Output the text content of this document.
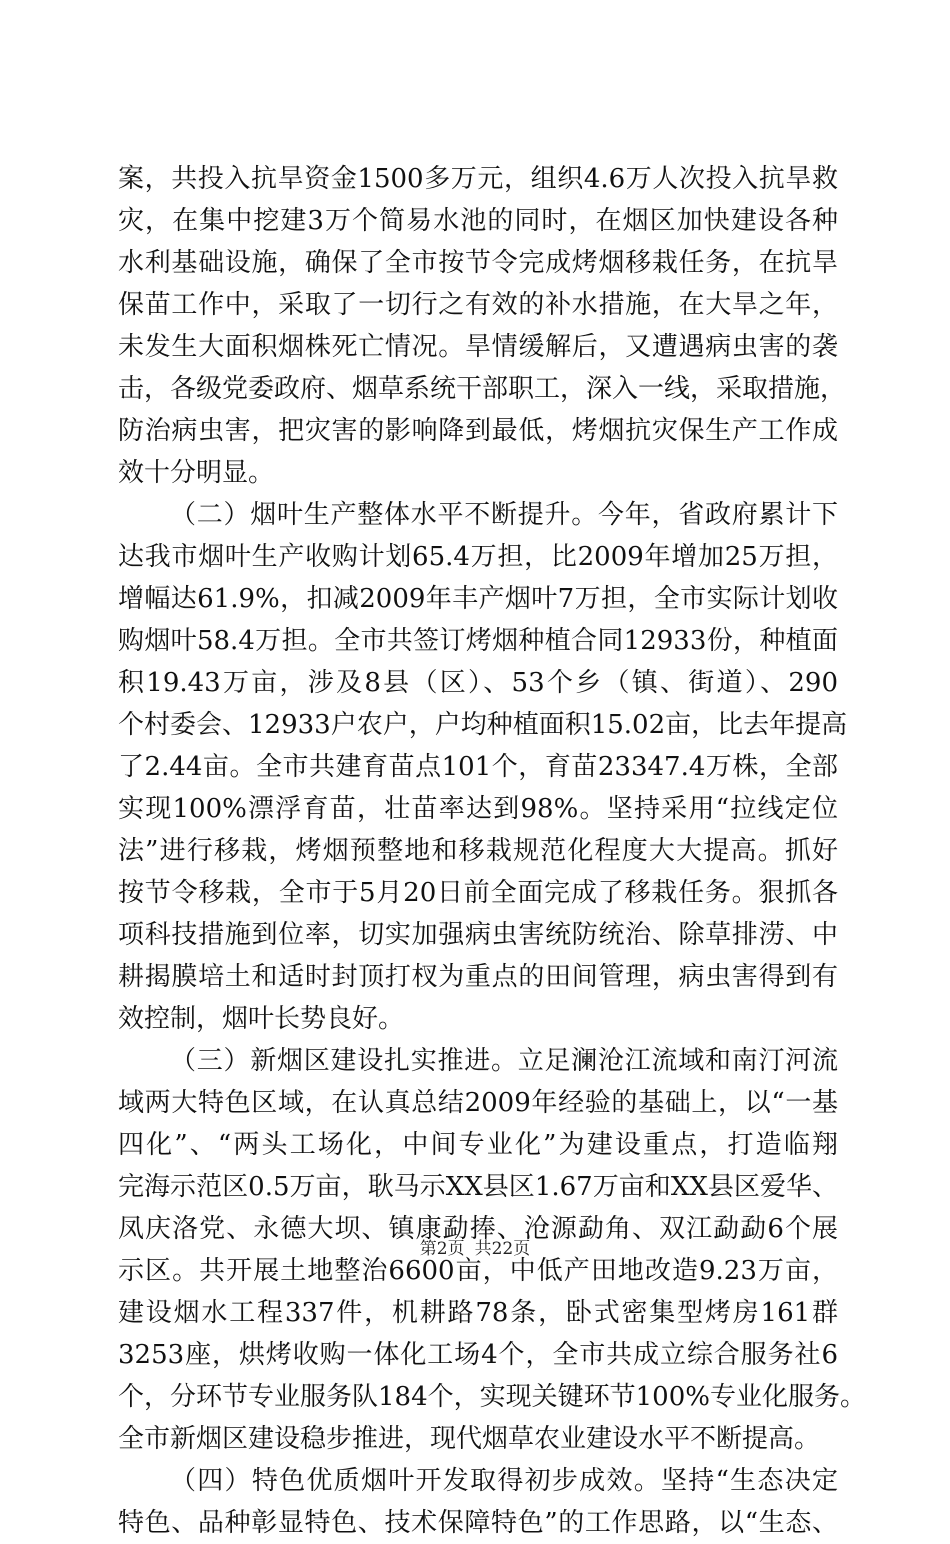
案，共投入抗旱资金1500多万元，组织4.6万人次投入抗旱救
灾，在集中挖建3万个简易水池的同时，在烟区加快建设各种
水利基础设施，确保了全市按节令完成烤烟移栽任务，在抗旱
保苗工作中，采取了一切行之有效的补水措施，在大旱之年，
未发生大面积烟株死亡情况。旱情缓解后，又遭遇病虫害的袭
击，各级党委政府、烟草系统干部职工，深入一线，采取措施，
防治病虫害，把灾害的影响降到最低，烤烟抗灾保生产工作成
效十分明显。
（二）烟叶生产整体水平不断提升。今年，省政府累计下
达我市烟叶生产收购计划65.4万担，比2009年增加25万担，
增幅达61.9%，扣减2009年丰产烟叶7万担，全市实际计划收
购烟叶58.4万担。全市共签订烤烟种植合同12933份，种植面
积19.43万亩，涉及8县（区）、53个乡（镇、街道）、290
个村委会、12933户农户，户均种植面积15.02亩，比去年提高
了2.44亩。全市共建育苗点101个，育苗23347.4万株，全部
实现100%漂浮育苗，壮苗率达到98%。坚持采用“拉线定位
法”进行移栽，烤烟预整地和移栽规范化程度大大提高。抓好
按节令移栽，全市于5月20日前全面完成了移栽任务。狠抓各
项科技措施到位率，切实加强病虫害统防统治、除草排涝、中
耕揭膜培土和适时封顶打杈为重点的田间管理，病虫害得到有
效控制，烟叶长势良好。
（三）新烟区建设扎实推进。立足澜沧江流域和南汀河流
域两大特色区域，在认真总结2009年经验的基础上，以“一基
四化”、“两头工场化，中间专业化”为建设重点，打造临翔
完海示范区0.5万亩，耿马示XX县区1.67万亩和XX县区爱华、
凤庆洛党、永德大坝、镇康勐捧、沧源勐角、双江勐勐6个展
示区。共开展土地整治6600亩，中低产田地改造9.23万亩，
建设烟水工程337件，机耕路78条，卧式密集型烤房161群
3253座，烘烤收购一体化工场4个，全市共成立综合服务社6
个，分环节专业服务队184个，实现关键环节100%专业化服务。
全市新烟区建设稳步推进，现代烟草农业建设水平不断提高。
（四）特色优质烟叶开发取得初步成效。坚持“生态决定
特色、品种彰显特色、技术保障特色”的工作思路，以“生态、
第2页 共22页
